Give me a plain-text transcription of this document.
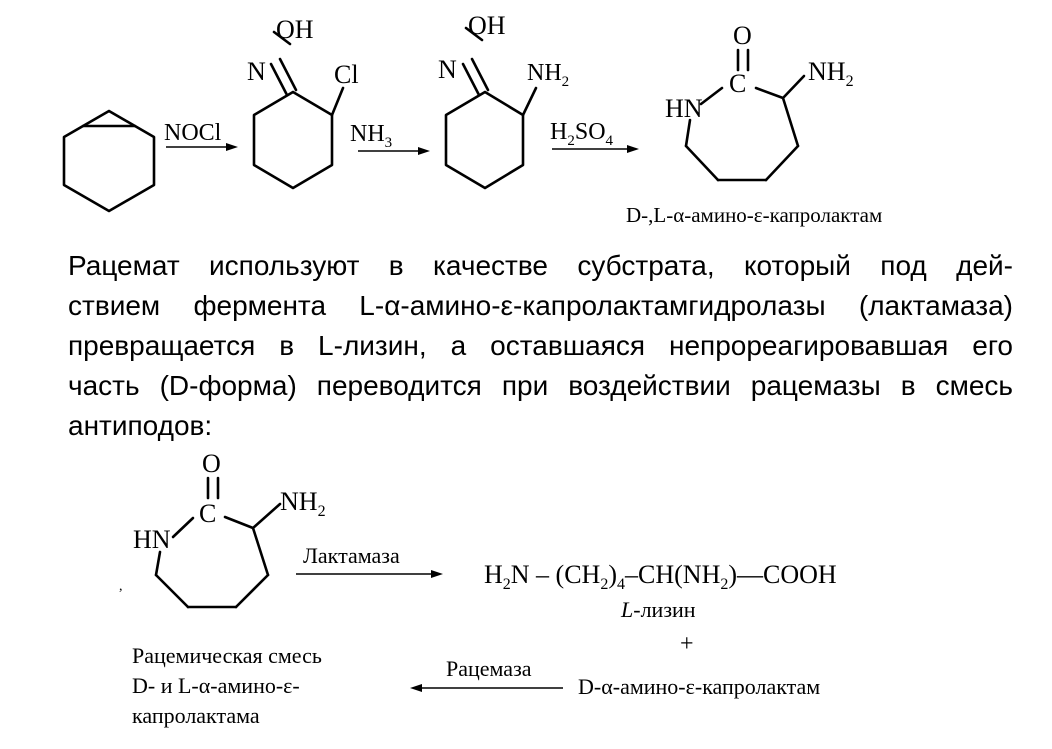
NOCl
N
OH
Cl
$NH_3$
N
OH
$NH_2$
$H_2SO_4$
O
C
HN
$NH_2$
D-,L-α-амино-ε-капролактам

Рацемат используют в качестве субстрата, который под дей-
ствием фермента L-α-амино-ε-капролактамгидролазы (лактамаза)
превращается в L-лизин, а оставшаяся непрореагировавшая его
часть (D-форма) переводится при воздействии рацемазы в смесь
антиподов:

O
C
HN
$NH_2$
,
Лактамаза
$H_2N$ – $(CH_2)_4-CH(NH_2)—COOH$
L-лизин
+
D-α-амино-ε-капролактам
Рацемаза
Рацемическая смесь
D- и L-α-амино-ε-
капролактама
